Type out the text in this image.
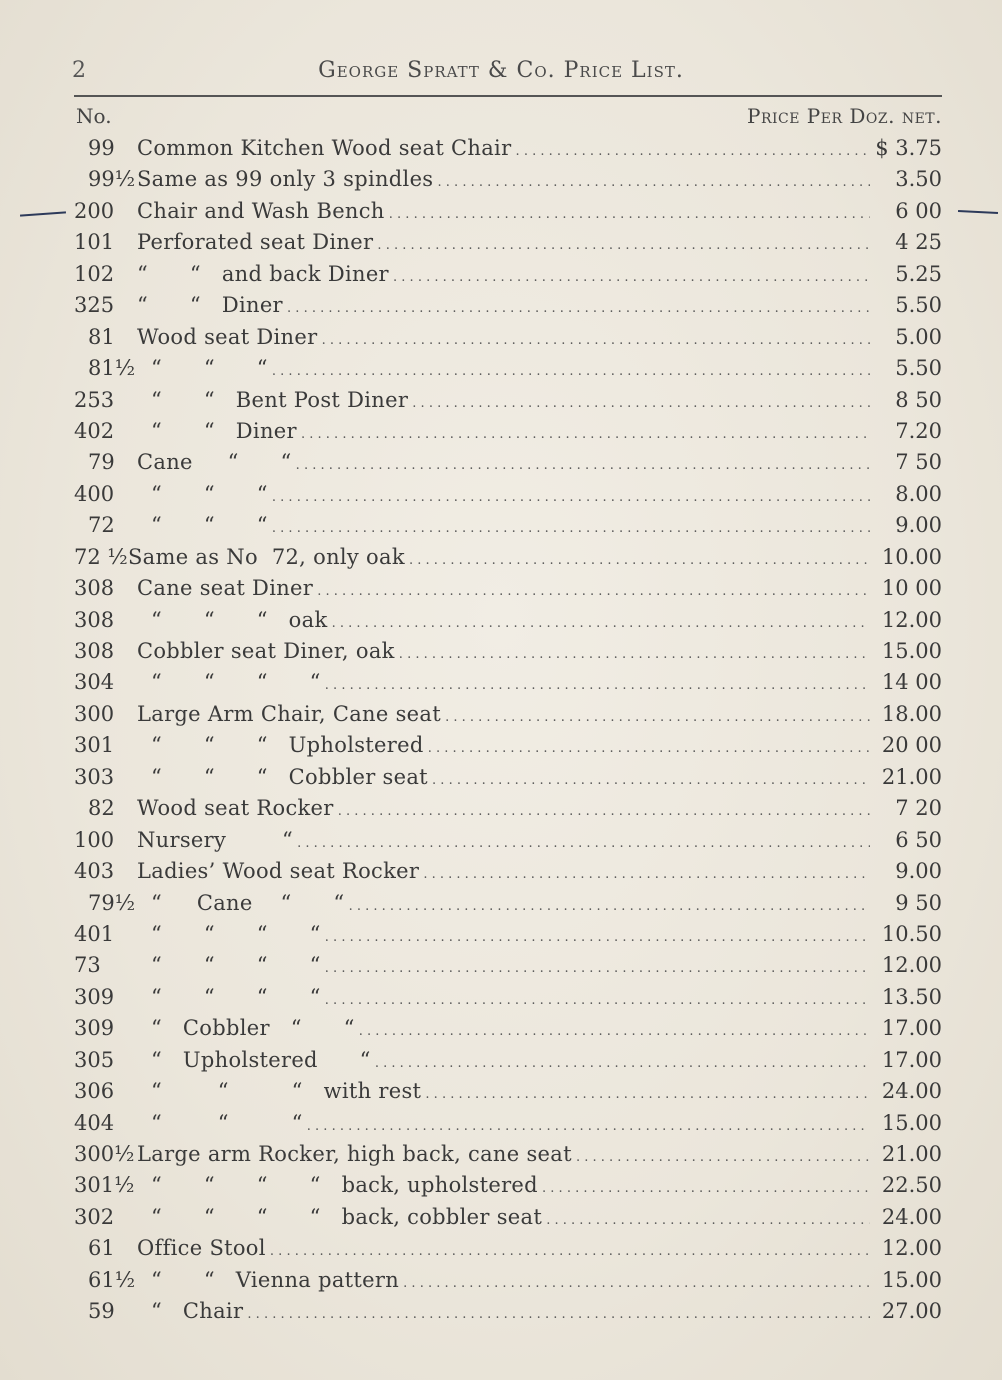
2	George Spratt & Co. Price List.
No.	Price Per Doz. net.
99	Common Kitchen Wood seat Chair . . .	$ 3.75
99½ Same as 99 only 3 spindles . . .	3.50
200	Chair and Wash Bench . . .	6 00
101	Perforated seat Diner . . .	4 25
102	“      “   and back Diner . . .	5.25
325	“      “   Diner . . .	5.50
81	Wood seat Diner . . .	5.00
81½ “      “      “ . . .	5.50
253	“      “   Bent Post Diner . . .	8 50
402	“      “   Diner . . .	7.20
79	Cane     “      “ . . .	7 50
400	“      “      “ . . .	8.00
72	“      “      “ . . .	9.00
72 ½ Same as No  72, only oak . . .	10.00
308	Cane seat Diner . . .	10 00
308	“      “      “   oak . . .	12.00
308	Cobbler seat Diner, oak . . .	15.00
304	“      “      “      “ . . .	14 00
300	Large Arm Chair, Cane seat . . .	18.00
301	“      “      “   Upholstered . . .	20 00
303	“      “      “   Cobbler seat . . .	21.00
82	Wood seat Rocker . . .	7 20
100	Nursery        “ . . .	6 50
403	Ladies’ Wood seat Rocker . . .	9.00
79½ “     Cane    “      “ . . .	9 50
401	“      “      “      “ . . .	10.50
73	“      “      “      “ . . .	12.00
309	“      “      “      “ . . .	13.50
309	“   Cobbler   “      “ . . .	17.00
305	“   Upholstered      “ . . .	17.00
306	“        “         “   with rest . . .	24.00
404	“        “         “ . . .	15.00
300½ Large arm Rocker, high back, cane seat . . .	21.00
301½ “      “      “      “   back, upholstered . . .	22.50
302	“      “      “      “   back, cobbler seat . . .	24.00
61	Office Stool . . .	12.00
61½ “      “   Vienna pattern . . .	15.00
59	“   Chair . . .	27.00
